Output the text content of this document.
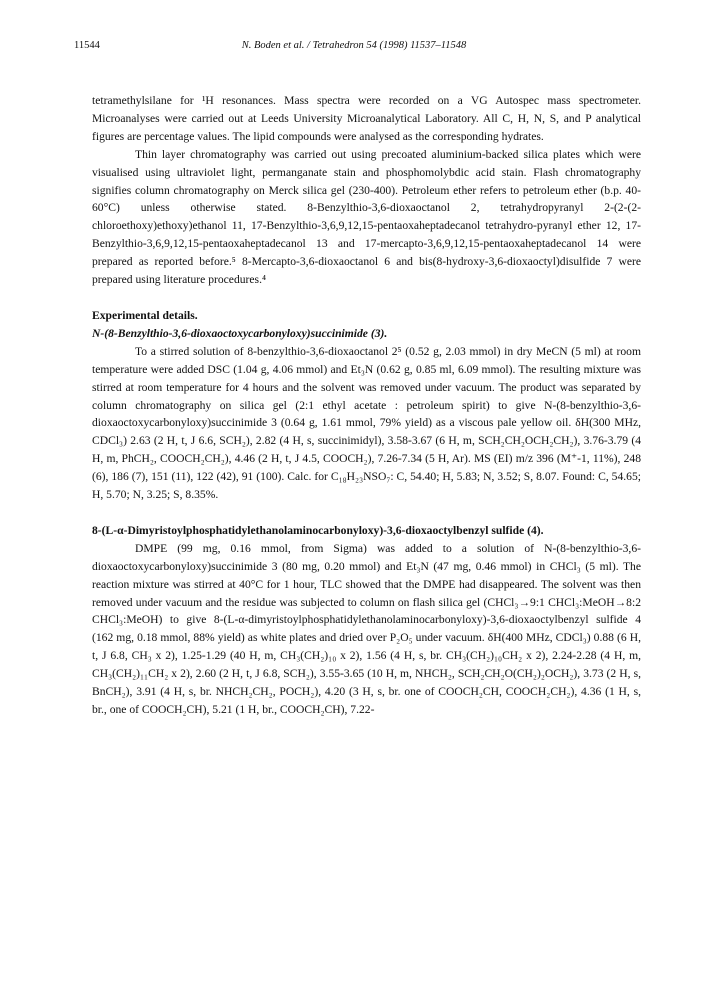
11544	N. Boden et al. / Tetrahedron 54 (1998) 11537–11548

tetramethylsilane for ¹H resonances. Mass spectra were recorded on a VG Autospec mass spectrometer. Microanalyses were carried out at Leeds University Microanalytical Laboratory. All C, H, N, S, and P analytical figures are percentage values. The lipid compounds were analysed as the corresponding hydrates.

Thin layer chromatography was carried out using precoated aluminium-backed silica plates which were visualised using ultraviolet light, permanganate stain and phosphomolybdic acid stain. Flash chromatography signifies column chromatography on Merck silica gel (230-400). Petroleum ether refers to petroleum ether (b.p. 40-60°C) unless otherwise stated. 8-Benzylthio-3,6-dioxaoctanol 2, tetrahydropyranyl 2-(2-(2-chloroethoxy)ethoxy)ethanol 11, 17-Benzylthio-3,6,9,12,15-pentaoxaheptadecanol tetrahydro-pyranyl ether 12, 17-Benzylthio-3,6,9,12,15-pentaoxaheptadecanol 13 and 17-mercapto-3,6,9,12,15-pentaoxaheptadecanol 14 were prepared as reported before.⁵ 8-Mercapto-3,6-dioxaoctanol 6 and bis(8-hydroxy-3,6-dioxaoctyl)disulfide 7 were prepared using literature procedures.⁴

Experimental details.

N-(8-Benzylthio-3,6-dioxaoctoxycarbonyloxy)succinimide (3).

To a stirred solution of 8-benzylthio-3,6-dioxaoctanol 2⁵ (0.52 g, 2.03 mmol) in dry MeCN (5 ml) at room temperature were added DSC (1.04 g, 4.06 mmol) and Et₃N (0.62 g, 0.85 ml, 6.09 mmol). The resulting mixture was stirred at room temperature for 4 hours and the solvent was removed under vacuum. The product was separated by column chromatography on silica gel (2:1 ethyl acetate : petroleum spirit) to give N-(8-benzylthio-3,6-dioxaoctoxycarbonyloxy)succinimide 3 (0.64 g, 1.61 mmol, 79% yield) as a viscous pale yellow oil. δH(300 MHz, CDCl₃) 2.63 (2 H, t, J 6.6, SCH₂), 2.82 (4 H, s, succinimidyl), 3.58-3.67 (6 H, m, SCH₂CH₂OCH₂CH₂), 3.76-3.79 (4 H, m, PhCH₂, COOCH₂CH₂), 4.46 (2 H, t, J 4.5, COOCH₂), 7.26-7.34 (5 H, Ar). MS (EI) m/z 396 (M⁺-1, 11%), 248 (6), 186 (7), 151 (11), 122 (42), 91 (100). Calc. for C₁₈H₂₃NSO₇: C, 54.40; H, 5.83; N, 3.52; S, 8.07. Found: C, 54.65; H, 5.70; N, 3.25; S, 8.35%.

8-(L-α-Dimyristoylphosphatidylethanolaminocarbonyloxy)-3,6-dioxaoctylbenzyl sulfide (4).

DMPE (99 mg, 0.16 mmol, from Sigma) was added to a solution of N-(8-benzylthio-3,6-dioxaoctoxycarbonyloxy)succinimide 3 (80 mg, 0.20 mmol) and Et₃N (47 mg, 0.46 mmol) in CHCl₃ (5 ml). The reaction mixture was stirred at 40°C for 1 hour, TLC showed that the DMPE had disappeared. The solvent was then removed under vacuum and the residue was subjected to column on flash silica gel (CHCl₃→9:1 CHCl₃:MeOH→8:2 CHCl₃:MeOH) to give 8-(L-α-dimyristoylphosphatidylethanolaminocarbonyloxy)-3,6-dioxaoctylbenzyl sulfide 4 (162 mg, 0.18 mmol, 88% yield) as white plates and dried over P₂O₅ under vacuum. δH(400 MHz, CDCl₃) 0.88 (6 H, t, J 6.8, CH₃ x 2), 1.25-1.29 (40 H, m, CH₃(CH₂)₁₀ x 2), 1.56 (4 H, s, br. CH₃(CH₂)₁₀CH₂ x 2), 2.24-2.28 (4 H, m, CH₃(CH₂)₁₁CH₂ x 2), 2.60 (2 H, t, J 6.8, SCH₂), 3.55-3.65 (10 H, m, NHCH₂, SCH₂CH₂O(CH₂)₂OCH₂), 3.73 (2 H, s, BnCH₂), 3.91 (4 H, s, br. NHCH₂CH₂, POCH₂), 4.20 (3 H, s, br. one of COOCH₂CH, COOCH₂CH₂), 4.36 (1 H, s, br., one of COOCH₂CH), 5.21 (1 H, br., COOCH₂CH), 7.22-
